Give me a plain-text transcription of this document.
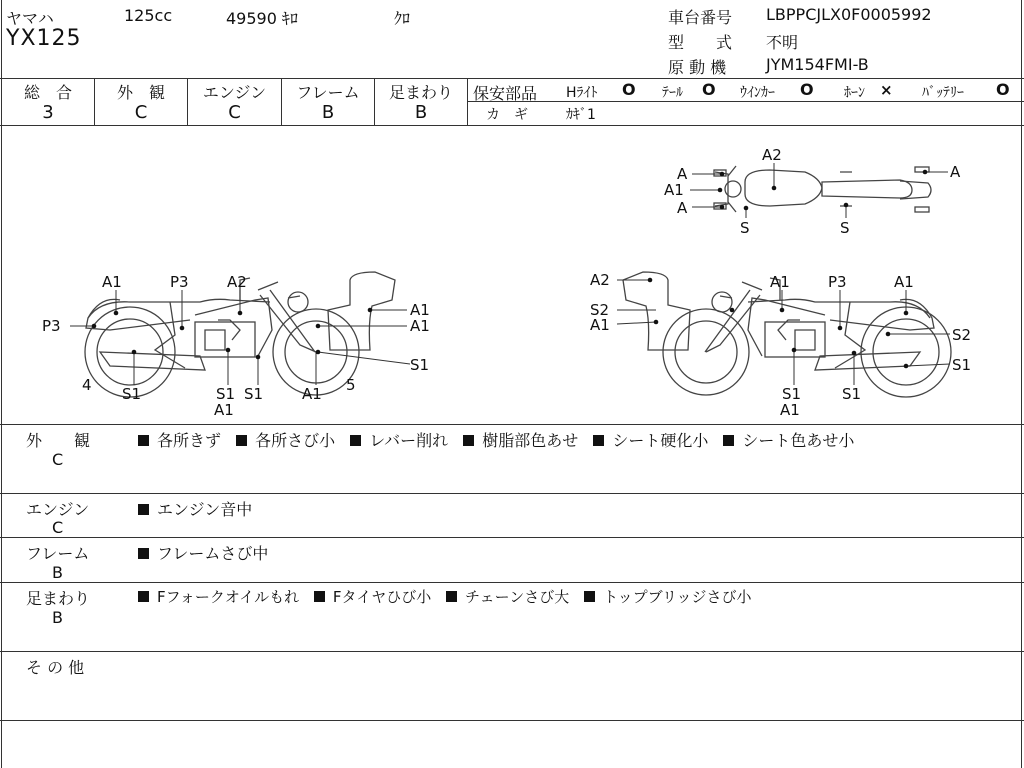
ヤマハ	125cc	49590 ｷﾛ	ｸﾛ
YX125
車台番号 LBPPCJLX0F0005992
型　　式 不明
原 動 機 JYM154FMI-B
総　合
3
外　観
C
エンジン
C
フレーム
B
足まわり
B
保安部品 Hﾗｲﾄ O ﾃｰﾙ O ｳｲﾝｶｰ O ﾎｰﾝ × ﾊﾞｯﾃﾘｰ O
カ　ギ	ｶｷﾞ1
A2
A
A1
A
S	S
A
A1
P3
A2
A1
A1
P3
S1
4 S1	S1
A1
S1	A1 5
A2
S2
A1
A1	P3	A1
S2
S1
S1
A1
S1
外　　観
C
各所きず 各所さび小 レバー削れ 樹脂部色あせ シート硬化小 シート色あせ小
エンジン
C
エンジン音中
フレーム
B
フレームさび中
足まわり
B
Fフォークオイルもれ Fタイヤひび小 チェーンさび大 トップブリッジさび小
そ の 他
